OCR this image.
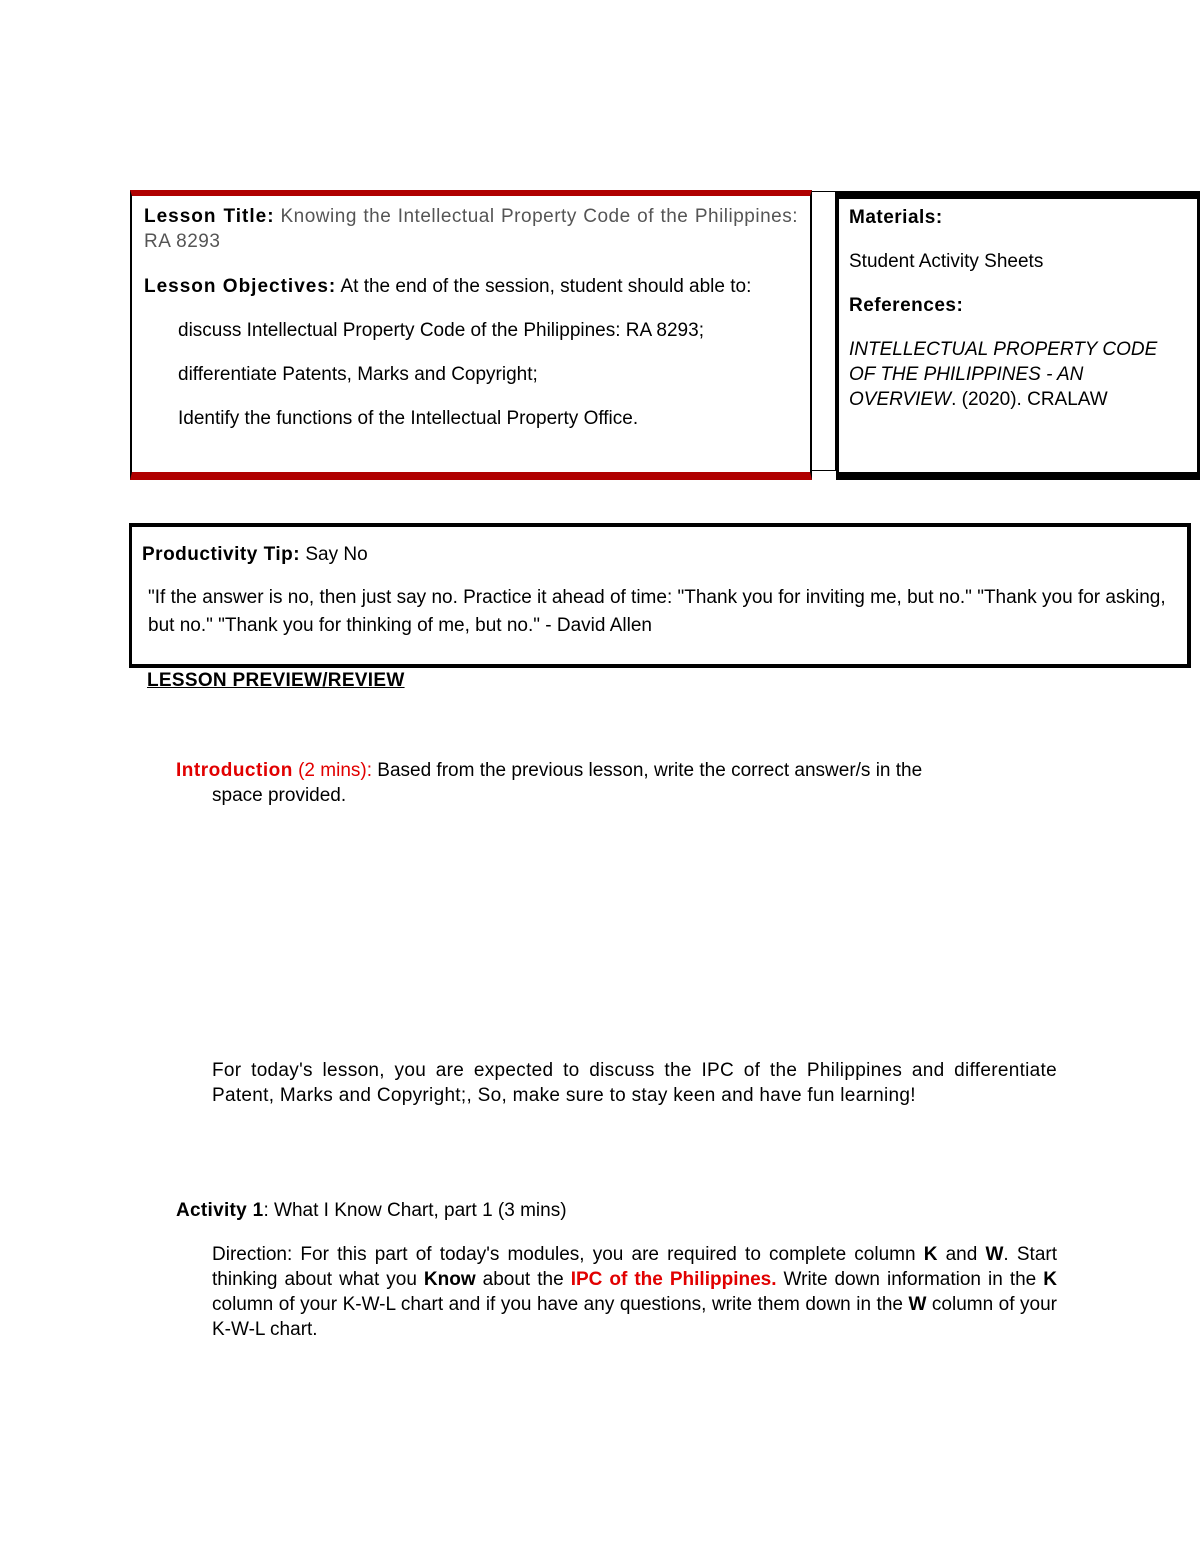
Lesson Title: Knowing the Intellectual Property Code of the Philippines: RA 8293

Lesson Objectives: At the end of the session, student should able to:

discuss Intellectual Property Code of the Philippines: RA 8293;

differentiate Patents, Marks and Copyright;

Identify the functions of the Intellectual Property Office.

Materials:

Student Activity Sheets

References:

INTELLECTUAL PROPERTY CODE OF THE PHILIPPINES - AN OVERVIEW. (2020). CRALAW

Productivity Tip: Say No

"If the answer is no, then just say no. Practice it ahead of time: "Thank you for inviting me, but no." "Thank you for asking, but no." "Thank you for thinking of me, but no." - David Allen

LESSON PREVIEW/REVIEW

Introduction (2 mins): Based from the previous lesson, write the correct answer/s in the

space provided.

For today's lesson, you are expected to discuss the IPC of the Philippines and differentiate Patent, Marks and Copyright;, So, make sure to stay keen and have fun learning!

Activity 1: What I Know Chart, part 1 (3 mins)

Direction: For this part of today's modules, you are required to complete column K and W. Start thinking about what you Know about the IPC of the Philippines. Write down information in the K column of your K-W-L chart and if you have any questions, write them down in the W column of your K-W-L chart.
